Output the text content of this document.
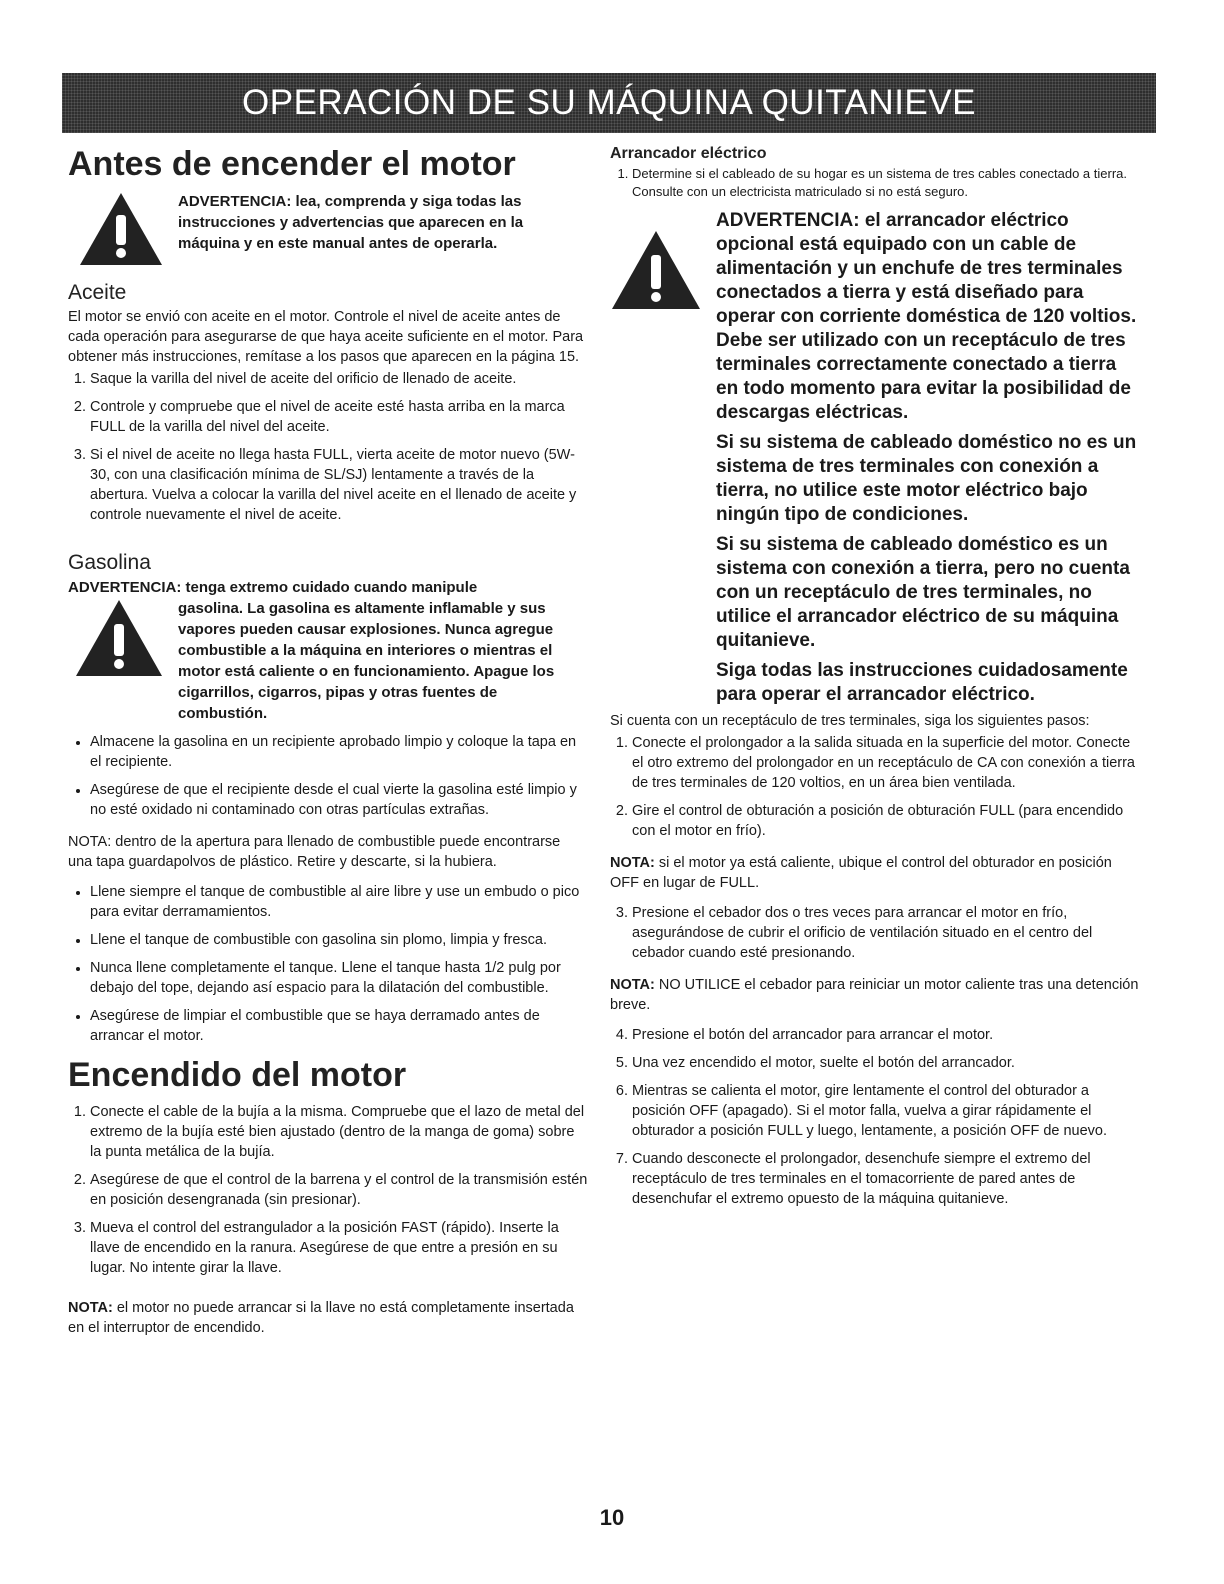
OPERACIÓN DE SU MÁQUINA QUITANIEVE
Antes de encender el motor

ADVERTENCIA: lea, comprenda y siga todas las instrucciones y advertencias que aparecen en la máquina y en este manual antes de operarla.

Aceite

El motor se envió con aceite en el motor. Controle el nivel de aceite antes de cada operación para asegurarse de que haya aceite suficiente en el motor. Para obtener más instrucciones, remítase a los pasos que aparecen en la página 15.

1. Saque la varilla del nivel de aceite del orificio de llenado de aceite.
2. Controle y compruebe que el nivel de aceite esté hasta arriba en la marca FULL de la varilla del nivel del aceite.
3. Si el nivel de aceite no llega hasta FULL, vierta aceite de motor nuevo (5W-30, con una clasificación mínima de SL/SJ) lentamente a través de la abertura. Vuelva a colocar la varilla del nivel aceite en el llenado de aceite y controle nuevamente el nivel de aceite.
Gasolina

ADVERTENCIA: tenga extremo cuidado cuando manipule

gasolina. La gasolina es altamente inflamable y sus vapores pueden causar explosiones. Nunca agregue combustible a la máquina en interiores o mientras el motor está caliente o en funcionamiento. Apague los cigarrillos, cigarros, pipas y otras fuentes de combustión.

• Almacene la gasolina en un recipiente aprobado limpio y coloque la tapa en el recipiente.
• Asegúrese de que el recipiente desde el cual vierte la gasolina esté limpio y no esté oxidado ni contaminado con otras partículas extrañas.

NOTA: dentro de la apertura para llenado de combustible puede encontrarse una tapa guardapolvos de plástico. Retire y descarte, si la hubiera.

• Llene siempre el tanque de combustible al aire libre y use un embudo o pico para evitar derramamientos.
• Llene el tanque de combustible con gasolina sin plomo, limpia y fresca.
• Nunca llene completamente el tanque. Llene el tanque hasta 1/2 pulg por debajo del tope, dejando así espacio para la dilatación del combustible.
• Asegúrese de limpiar el combustible que se haya derramado antes de arrancar el motor.
Encendido del motor
1. Conecte el cable de la bujía a la misma. Compruebe que el lazo de metal del extremo de la bujía esté bien ajustado (dentro de la manga de goma) sobre la punta metálica de la bujía.
2. Asegúrese de que el control de la barrena y el control de la transmisión estén en posición desengranada (sin presionar).
3. Mueva el control del estrangulador a la posición FAST (rápido). Inserte la llave de encendido en la ranura. Asegúrese de que entre a presión en su lugar. No intente girar la llave.

NOTA: el motor no puede arrancar si la llave no está completamente insertada en el interruptor de encendido.

Arrancador eléctrico
1. Determine si el cableado de su hogar es un sistema de tres cables conectado a tierra. Consulte con un electricista matriculado si no está seguro.

ADVERTENCIA: el arrancador eléctrico opcional está equipado con un cable de alimentación y un enchufe de tres terminales conectados a tierra y está diseñado para operar con corriente doméstica de 120 voltios. Debe ser utilizado con un receptáculo de tres terminales correctamente conectado a tierra en todo momento para evitar la posibilidad de descargas eléctricas.

Si su sistema de cableado doméstico no es un sistema de tres terminales con conexión a tierra, no utilice este motor eléctrico bajo ningún tipo de condiciones.

Si su sistema de cableado doméstico es un sistema con conexión a tierra, pero no cuenta con un receptáculo de tres terminales, no utilice el arrancador eléctrico de su máquina quitanieve.

Siga todas las instrucciones cuidadosamente para operar el arrancador eléctrico.

Si cuenta con un receptáculo de tres terminales, siga los siguientes pasos:

1. Conecte el prolongador a la salida situada en la superficie del motor. Conecte el otro extremo del prolongador en un receptáculo de CA con conexión a tierra de tres terminales de 120 voltios, en un área bien ventilada.
2. Gire el control de obturación a posición de obturación FULL (para encendido con el motor en frío).

NOTA: si el motor ya está caliente, ubique el control del obturador en posición OFF en lugar de FULL.

3. Presione el cebador dos o tres veces para arrancar el motor en frío, asegurándose de cubrir el orificio de ventilación situado en el centro del cebador cuando esté presionando.

NOTA: NO UTILICE el cebador para reiniciar un motor caliente tras una detención breve.

4. Presione el botón del arrancador para arrancar el motor.
5. Una vez encendido el motor, suelte el botón del arrancador.
6. Mientras se calienta el motor, gire lentamente el control del obturador a posición OFF (apagado). Si el motor falla, vuelva a girar rápidamente el obturador a posición FULL y luego, lentamente, a posición OFF de nuevo.
7. Cuando desconecte el prolongador, desenchufe siempre el extremo del receptáculo de tres terminales en el tomacorriente de pared antes de desenchufar el extremo opuesto de la máquina quitanieve.
10
